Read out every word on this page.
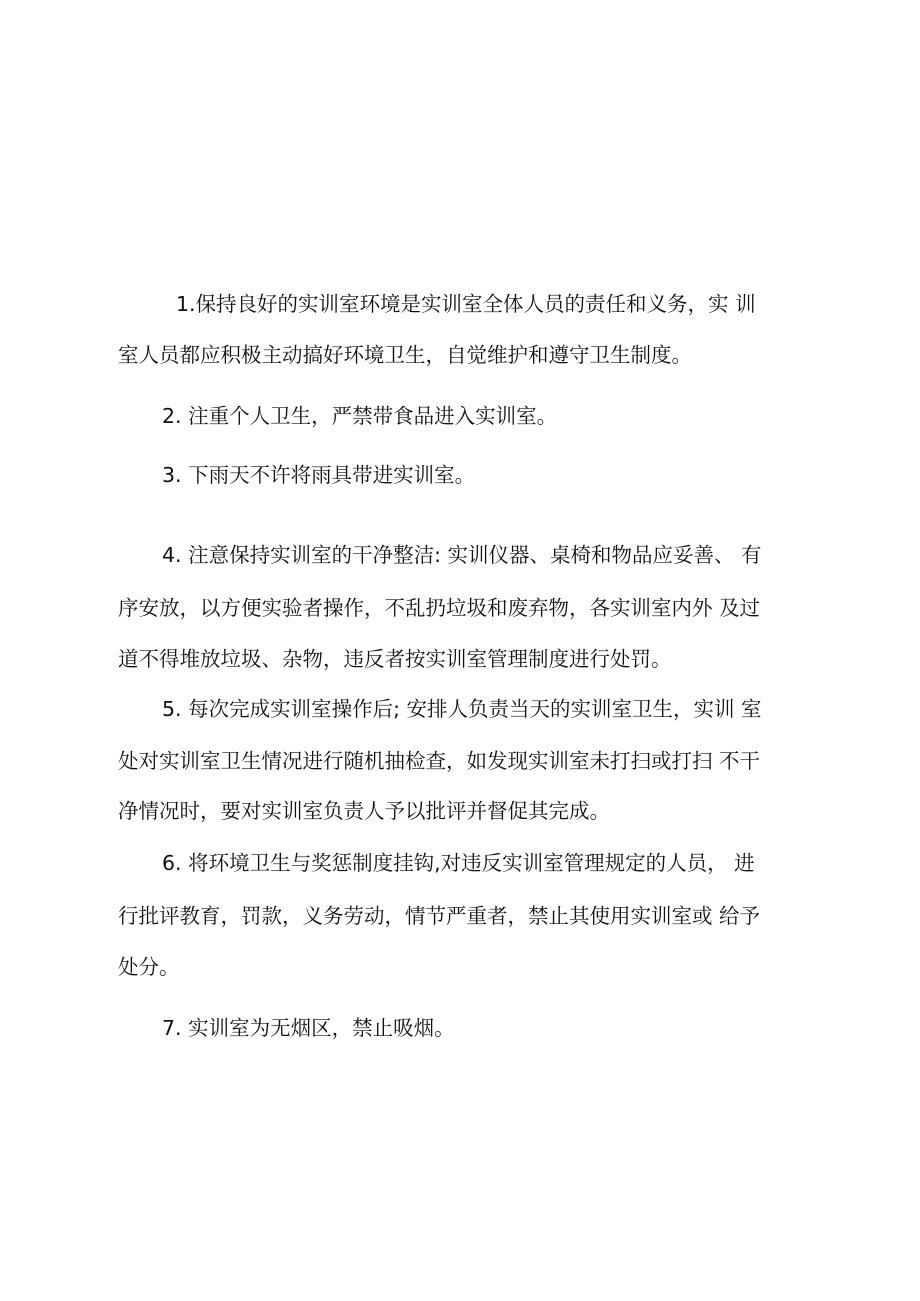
1.保持良好的实训室环境是实训室全体人员的责任和义务，实 训
室人员都应积极主动搞好环境卫生，自觉维护和遵守卫生制度。
2. 注重个人卫生，严禁带食品进入实训室。
3. 下雨天不许将雨具带进实训室。
4. 注意保持实训室的干净整洁: 实训仪器、桌椅和物品应妥善、 有
序安放，以方便实验者操作，不乱扔垃圾和废弃物，各实训室内外 及过
道不得堆放垃圾、杂物，违反者按实训室管理制度进行处罚。
5. 每次完成实训室操作后; 安排人负责当天的实训室卫生，实训 室
处对实训室卫生情况进行随机抽检查，如发现实训室未打扫或打扫 不干
净情况时，要对实训室负责人予以批评并督促其完成。
6. 将环境卫生与奖惩制度挂钩,对违反实训室管理规定的人员， 进
行批评教育，罚款，义务劳动，情节严重者，禁止其使用实训室或 给予
处分。
7. 实训室为无烟区，禁止吸烟。
